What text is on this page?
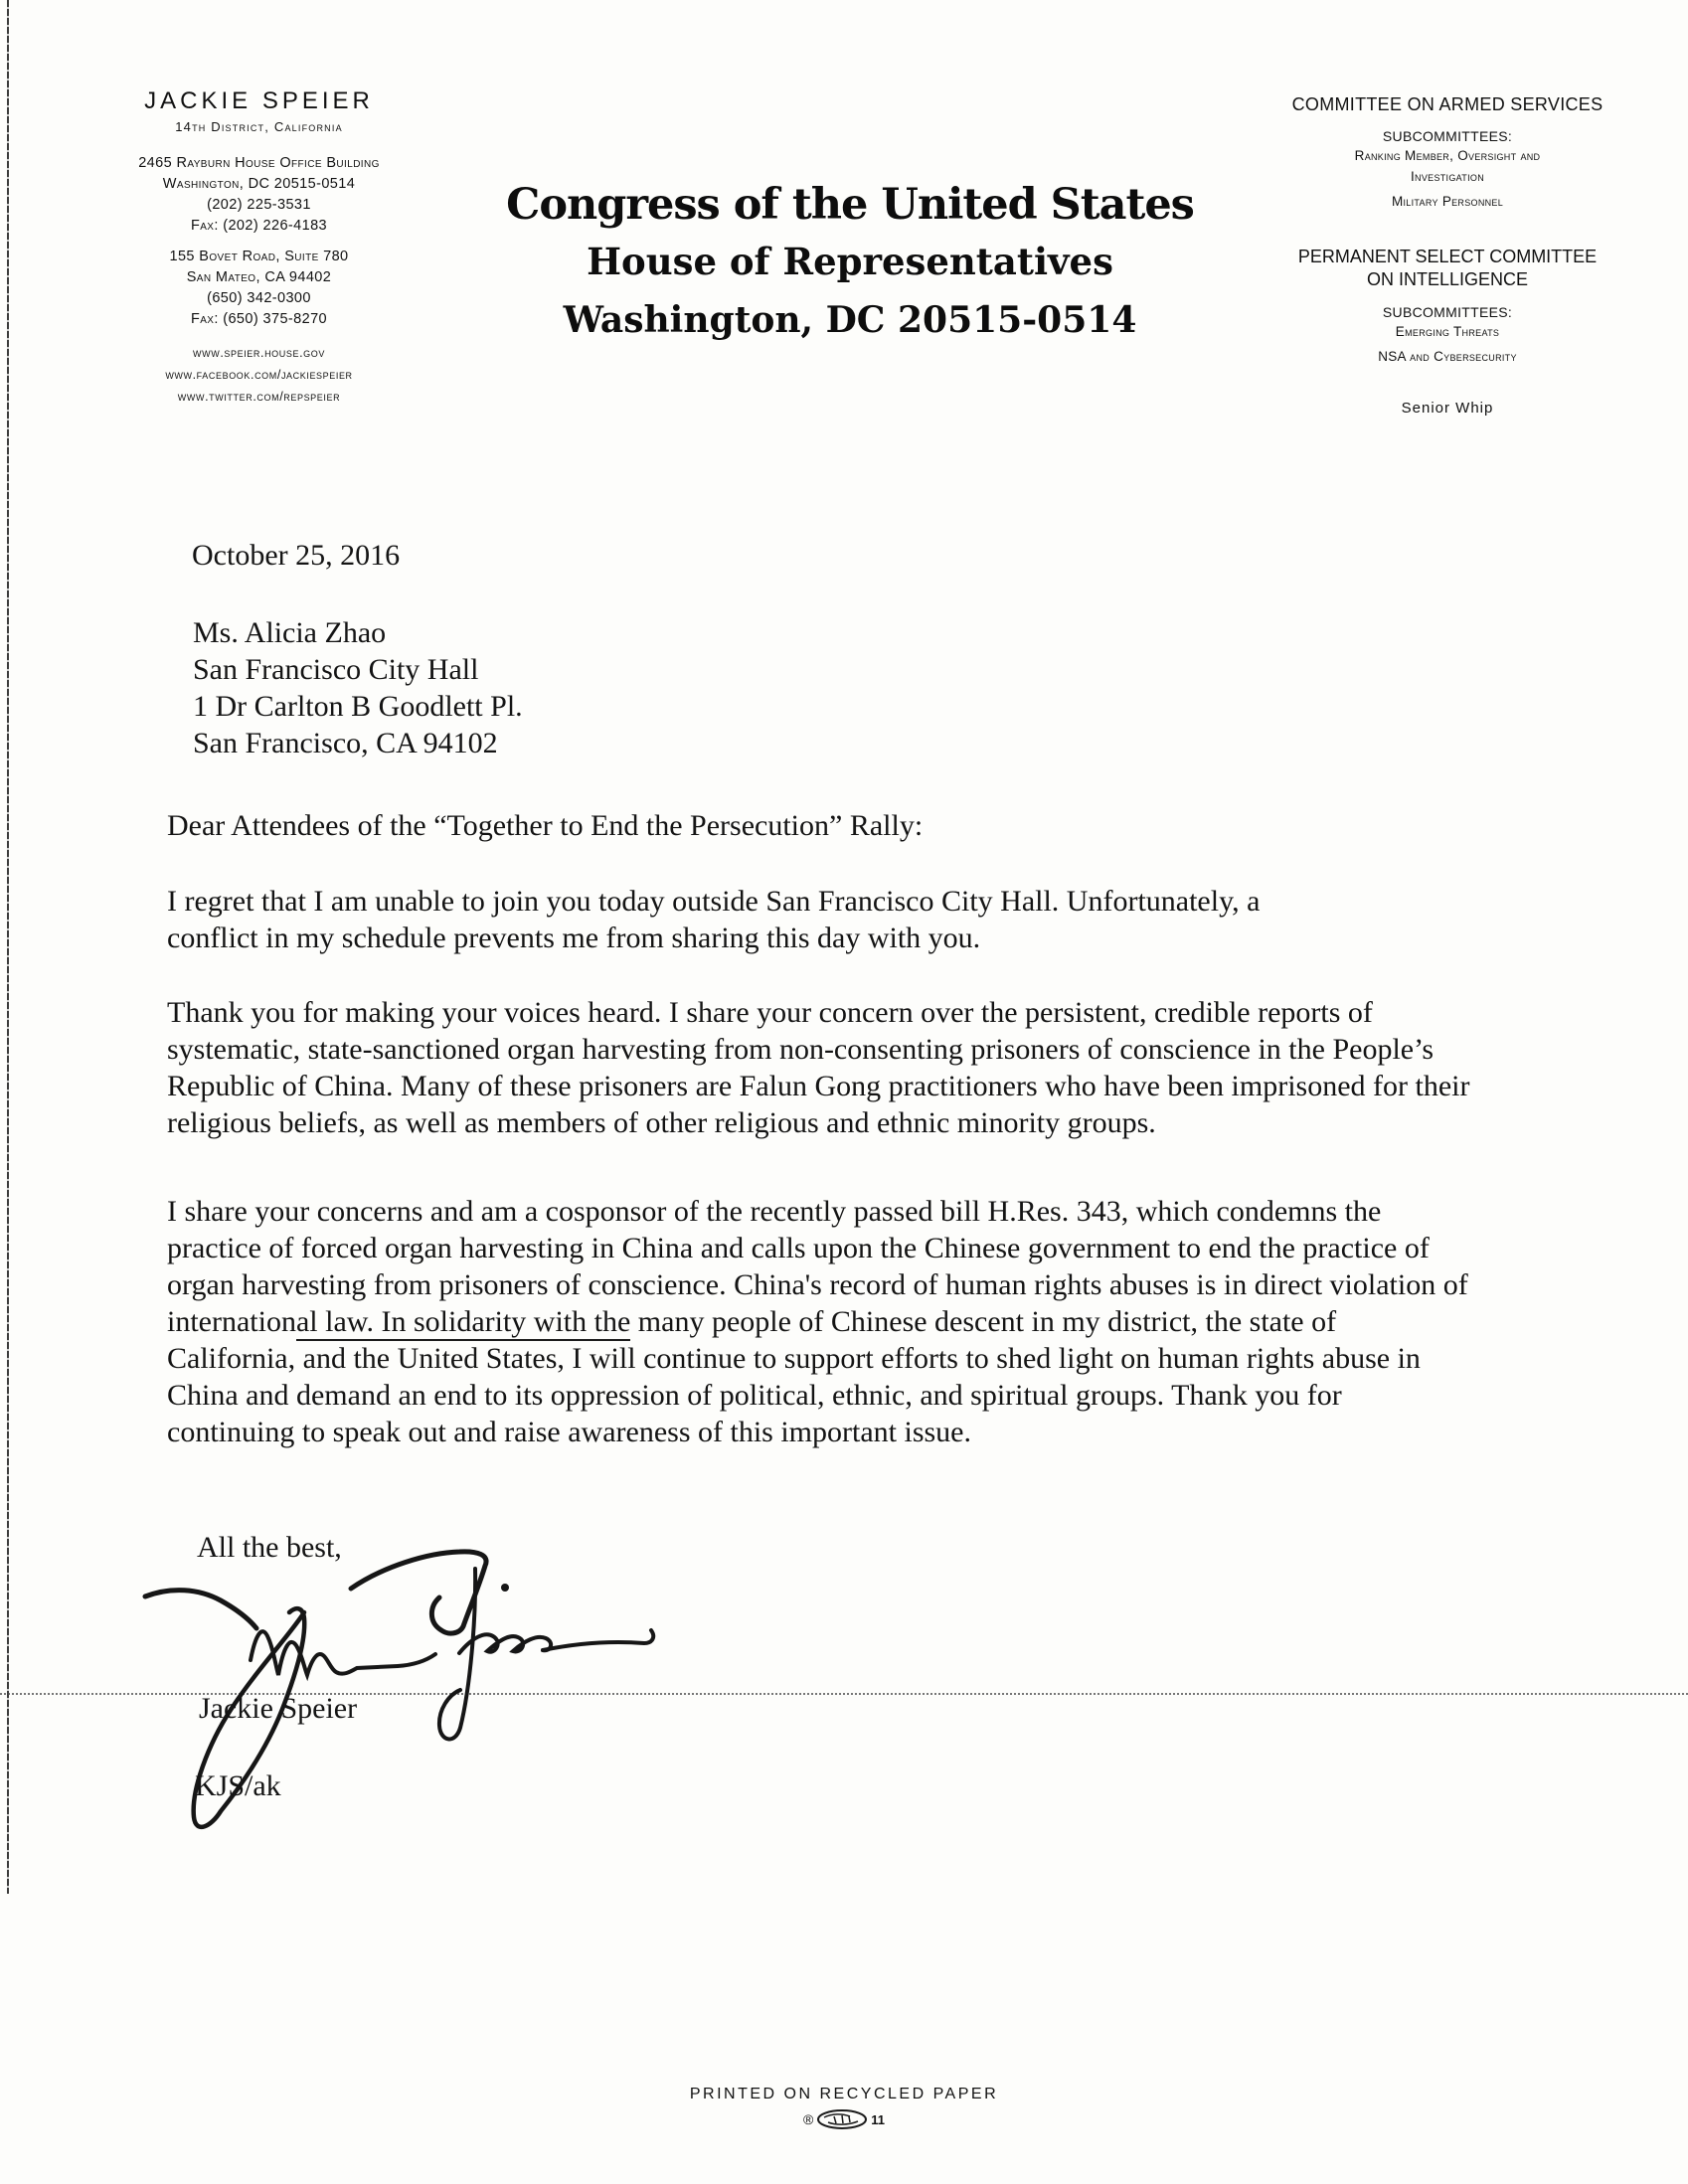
JACKIE SPEIER
14th District, California
2465 Rayburn House Office Building
Washington, DC 20515-0514
(202) 225-3531
Fax: (202) 226-4183
155 Bovet Road, Suite 780
San Mateo, CA 94402
(650) 342-0300
Fax: (650) 375-8270
www.speier.house.gov
www.facebook.com/jackiespeier
www.twitter.com/repspeier
Congress of the United States
House of Representatives
Washington, DC 20515-0514
COMMITTEE ON ARMED SERVICES
SUBCOMMITTEES:
Ranking Member, Oversight and
Investigation
Military Personnel
PERMANENT SELECT COMMITTEE
ON INTELLIGENCE
SUBCOMMITTEES:
Emerging Threats
NSA and Cybersecurity
Senior Whip
October 25, 2016
Ms. Alicia Zhao
San Francisco City Hall
1 Dr Carlton B Goodlett Pl.
San Francisco, CA 94102
Dear Attendees of the “Together to End the Persecution” Rally:
I regret that I am unable to join you today outside San Francisco City Hall. Unfortunately, a
conflict in my schedule prevents me from sharing this day with you.
Thank you for making your voices heard. I share your concern over the persistent, credible reports of
systematic, state-sanctioned organ harvesting from non-consenting prisoners of conscience in the People’s
Republic of China. Many of these prisoners are Falun Gong practitioners who have been imprisoned for their
religious beliefs, as well as members of other religious and ethnic minority groups.
I share your concerns and am a cosponsor of the recently passed bill H.Res. 343, which condemns the
practice of forced organ harvesting in China and calls upon the Chinese government to end the practice of
organ harvesting from prisoners of conscience. China's record of human rights abuses is in direct violation of
international law. In solidarity with the many people of Chinese descent in my district, the state of
California, and the United States, I will continue to support efforts to shed light on human rights abuse in
China and demand an end to its oppression of political, ethnic, and spiritual groups. Thank you for
continuing to speak out and raise awareness of this important issue.
All the best,
Jackie Speier
KJS/ak
PRINTED ON RECYCLED PAPER
®	11
